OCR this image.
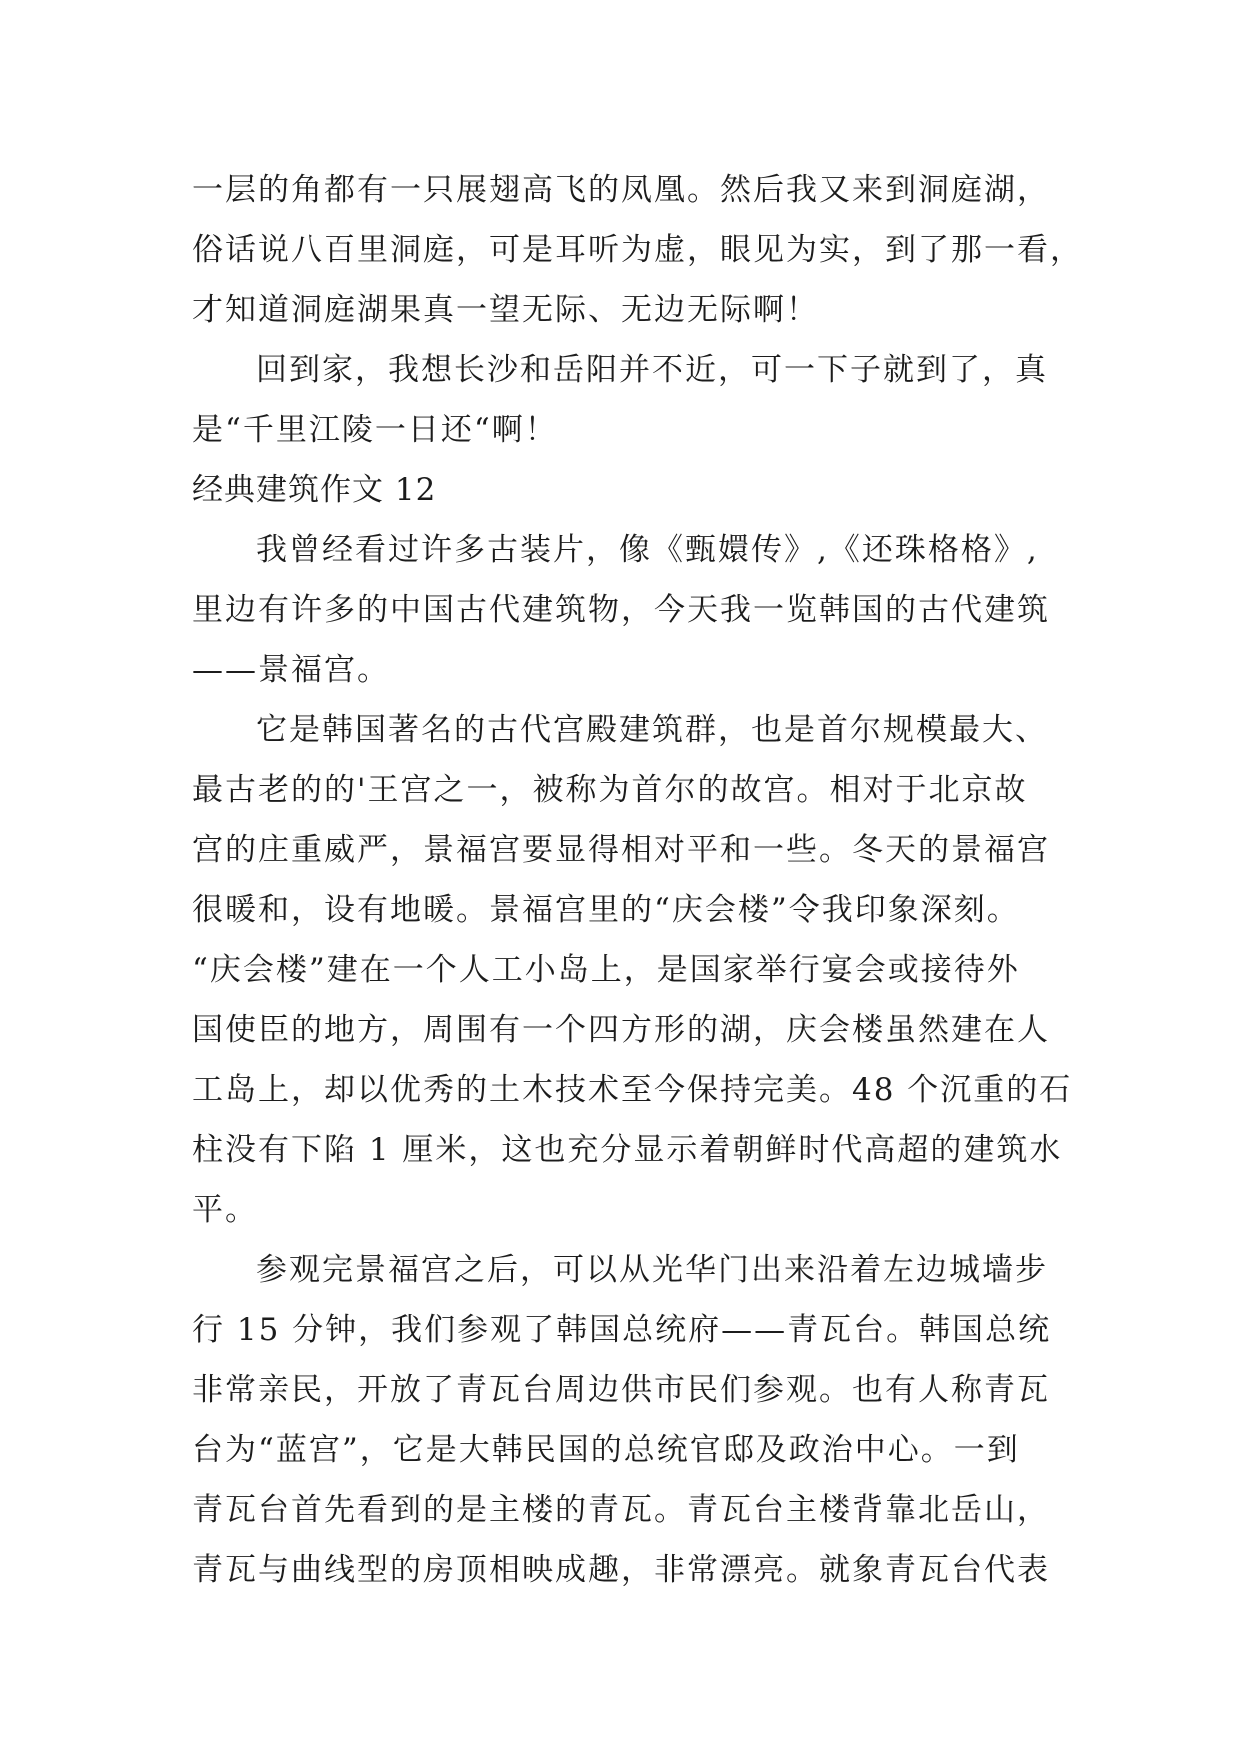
一层的角都有一只展翅高飞的凤凰。然后我又来到洞庭湖，
俗话说八百里洞庭，可是耳听为虚，眼见为实，到了那一看，
才知道洞庭湖果真一望无际、无边无际啊！
回到家，我想长沙和岳阳并不近，可一下子就到了，真
是“千里江陵一日还“啊！
经典建筑作文 12
我曾经看过许多古装片，像《甄嬛传》,《还珠格格》,
里边有许多的中国古代建筑物，今天我一览韩国的古代建筑
——景福宫。
它是韩国著名的古代宫殿建筑群，也是首尔规模最大、
最古老的的'王宫之一，被称为首尔的故宫。相对于北京故
宫的庄重威严，景福宫要显得相对平和一些。冬天的景福宫
很暖和，设有地暖。景福宫里的“庆会楼”令我印象深刻。
“庆会楼”建在一个人工小岛上，是国家举行宴会或接待外
国使臣的地方，周围有一个四方形的湖，庆会楼虽然建在人
工岛上，却以优秀的土木技术至今保持完美。48 个沉重的石
柱没有下陷 1 厘米，这也充分显示着朝鲜时代高超的建筑水
平。
参观完景福宫之后，可以从光华门出来沿着左边城墙步
行 15 分钟，我们参观了韩国总统府——青瓦台。韩国总统
非常亲民，开放了青瓦台周边供市民们参观。也有人称青瓦
台为“蓝宫”，它是大韩民国的总统官邸及政治中心。一到
青瓦台首先看到的是主楼的青瓦。青瓦台主楼背靠北岳山，
青瓦与曲线型的房顶相映成趣，非常漂亮。就象青瓦台代表
